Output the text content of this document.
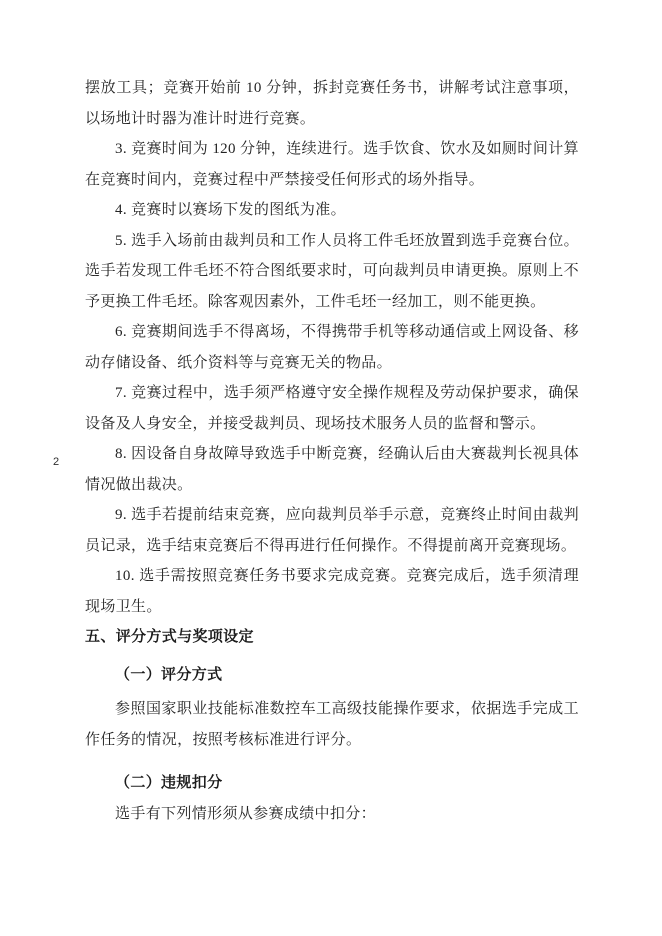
2

摆放工具；竞赛开始前 10 分钟，拆封竞赛任务书，讲解考试注意事项，以场地计时器为准计时进行竞赛。

3. 竞赛时间为 120 分钟，连续进行。选手饮食、饮水及如厕时间计算在竞赛时间内，竞赛过程中严禁接受任何形式的场外指导。

4. 竞赛时以赛场下发的图纸为准。

5. 选手入场前由裁判员和工作人员将工件毛坯放置到选手竞赛台位。选手若发现工件毛坯不符合图纸要求时，可向裁判员申请更换。原则上不予更换工件毛坯。除客观因素外，工件毛坯一经加工，则不能更换。

6. 竞赛期间选手不得离场，不得携带手机等移动通信或上网设备、移动存储设备、纸介资料等与竞赛无关的物品。

7. 竞赛过程中，选手须严格遵守安全操作规程及劳动保护要求，确保设备及人身安全，并接受裁判员、现场技术服务人员的监督和警示。

8. 因设备自身故障导致选手中断竞赛，经确认后由大赛裁判长视具体情况做出裁决。

9. 选手若提前结束竞赛，应向裁判员举手示意，竞赛终止时间由裁判员记录，选手结束竞赛后不得再进行任何操作。不得提前离开竞赛现场。

10. 选手需按照竞赛任务书要求完成竞赛。竞赛完成后，选手须清理现场卫生。

五、评分方式与奖项设定

（一）评分方式

参照国家职业技能标准数控车工高级技能操作要求，依据选手完成工作任务的情况，按照考核标准进行评分。

（二）违规扣分

选手有下列情形须从参赛成绩中扣分：
